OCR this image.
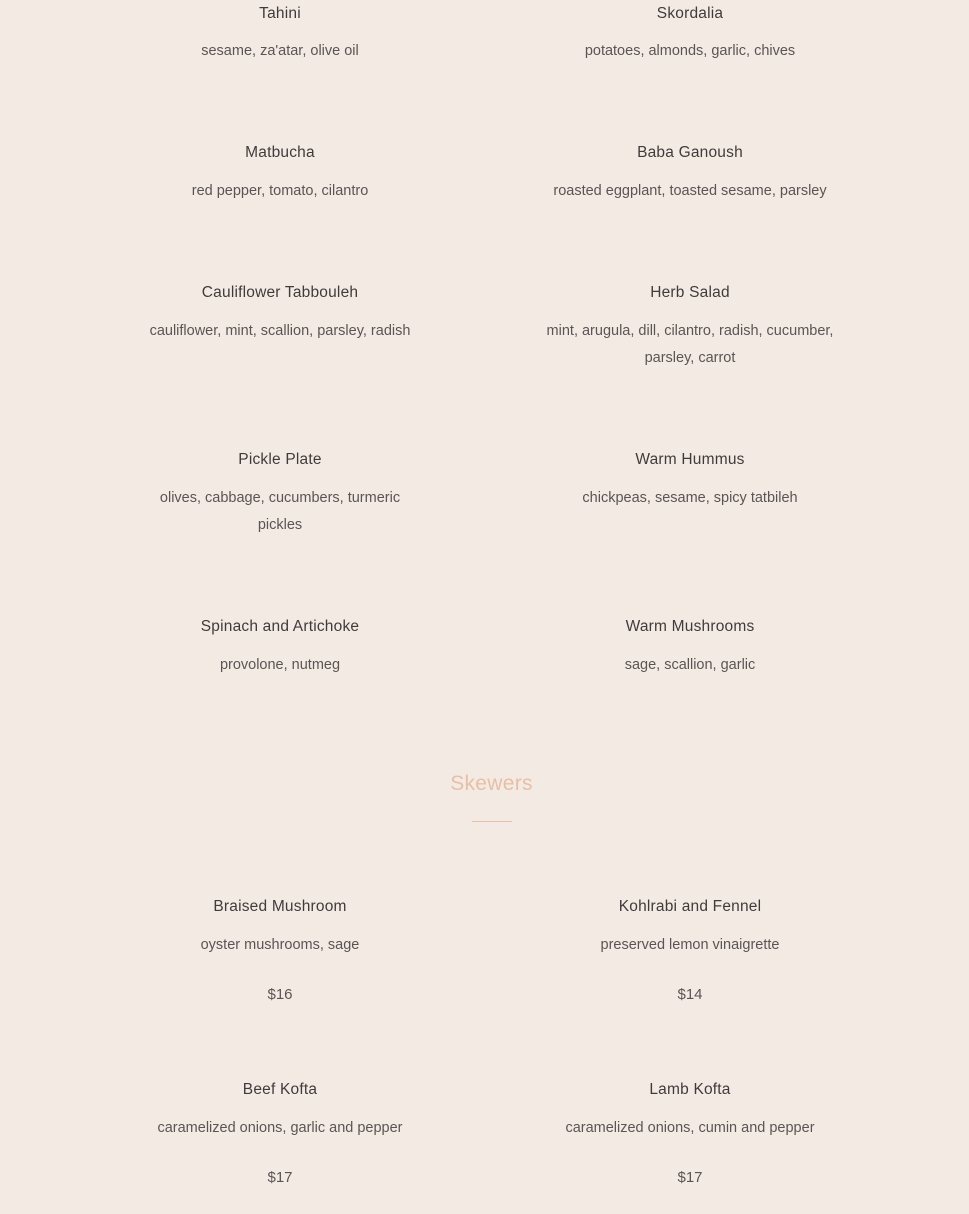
Tahini
sesame, za'atar, olive oil
Skordalia
potatoes, almonds, garlic, chives
Matbucha
red pepper, tomato, cilantro
Baba Ganoush
roasted eggplant, toasted sesame, parsley
Cauliflower Tabbouleh
cauliflower, mint, scallion, parsley, radish
Herb Salad
mint, arugula, dill, cilantro, radish, cucumber, parsley, carrot
Pickle Plate
olives, cabbage, cucumbers, turmeric pickles
Warm Hummus
chickpeas, sesame, spicy tatbileh
Spinach and Artichoke
provolone, nutmeg
Warm Mushrooms
sage, scallion, garlic
Skewers
Braised Mushroom
oyster mushrooms, sage
$16
Kohlrabi and Fennel
preserved lemon vinaigrette
$14
Beef Kofta
caramelized onions, garlic and pepper
$17
Lamb Kofta
caramelized onions, cumin and pepper
$17
